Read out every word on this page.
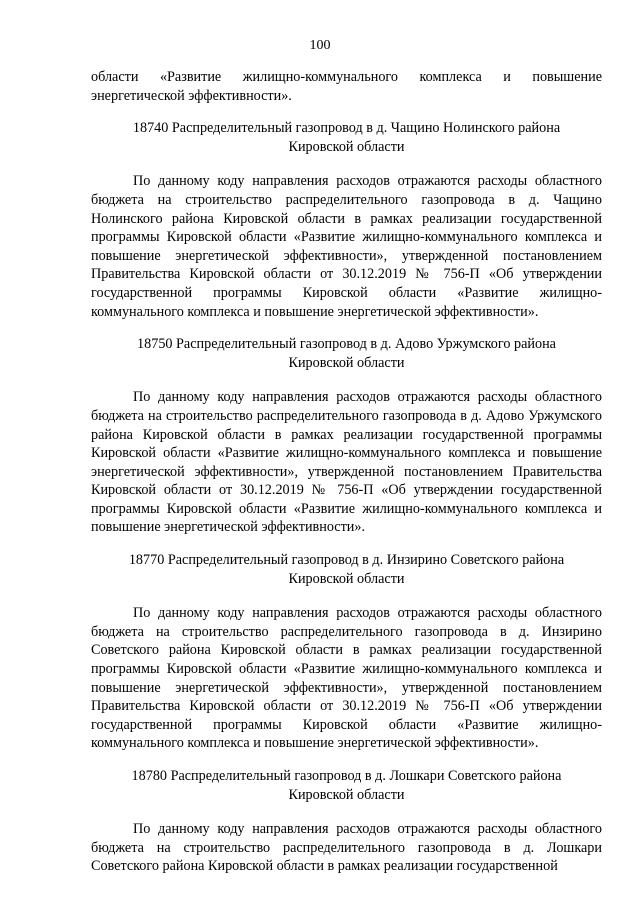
100

области «Развитие жилищно-коммунального комплекса и повышение энергетической эффективности».

18740 Распределительный газопровод в д. Чащино Нолинского района Кировской области

По данному коду направления расходов отражаются расходы областного бюджета на строительство распределительного газопровода в д. Чащино Нолинского района Кировской области в рамках реализации государственной программы Кировской области «Развитие жилищно-коммунального комплекса и повышение энергетической эффективности», утвержденной постановлением Правительства Кировской области от 30.12.2019 № 756-П «Об утверждении государственной программы Кировской области «Развитие жилищно-коммунального комплекса и повышение энергетической эффективности».

18750 Распределительный газопровод в д. Адово Уржумского района Кировской области

По данному коду направления расходов отражаются расходы областного бюджета на строительство распределительного газопровода в д. Адово Уржумского района Кировской области в рамках реализации государственной программы Кировской области «Развитие жилищно-коммунального комплекса и повышение энергетической эффективности», утвержденной постановлением Правительства Кировской области от 30.12.2019 № 756-П «Об утверждении государственной программы Кировской области «Развитие жилищно-коммунального комплекса и повышение энергетической эффективности».

18770 Распределительный газопровод в д. Инзирино Советского района Кировской области

По данному коду направления расходов отражаются расходы областного бюджета на строительство распределительного газопровода в д. Инзирино Советского района Кировской области в рамках реализации государственной программы Кировской области «Развитие жилищно-коммунального комплекса и повышение энергетической эффективности», утвержденной постановлением Правительства Кировской области от 30.12.2019 № 756-П «Об утверждении государственной программы Кировской области «Развитие жилищно-коммунального комплекса и повышение энергетической эффективности».

18780 Распределительный газопровод в д. Лошкари Советского района Кировской области

По данному коду направления расходов отражаются расходы областного бюджета на строительство распределительного газопровода в д. Лошкари Советского района Кировской области в рамках реализации государственной
